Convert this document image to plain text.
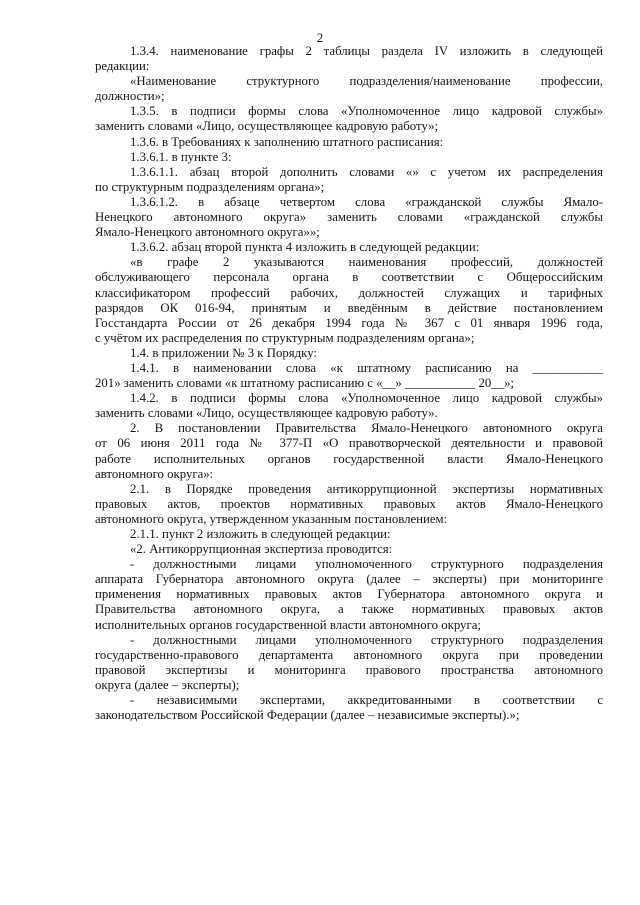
2
1.3.4. наименование графы 2 таблицы раздела IV изложить в следующей
редакции:
«Наименование структурного подразделения/наименование профессии,
должности»;
1.3.5. в подписи формы слова «Уполномоченное лицо кадровой службы»
заменить словами «Лицо, осуществляющее кадровую работу»;
1.3.6. в Требованиях к заполнению штатного расписания:
1.3.6.1. в пункте 3:
1.3.6.1.1. абзац второй дополнить словами «» с учетом их распределения
по структурным подразделениям органа»;
1.3.6.1.2. в абзаце четвертом слова «гражданской службы Ямало-
Ненецкого автономного округа» заменить словами «гражданской службы
Ямало-Ненецкого автономного округа»»;
1.3.6.2. абзац второй пункта 4 изложить в следующей редакции:
«в графе 2 указываются наименования профессий, должностей
обслуживающего персонала органа в соответствии с Общероссийским
классификатором профессий рабочих, должностей служащих и тарифных
разрядов ОК 016-94, принятым и введённым в действие постановлением
Госстандарта России от 26 декабря 1994 года № 367 с 01 января 1996 года,
с учётом их распределения по структурным подразделениям органа»;
1.4. в приложении № 3 к Порядку:
1.4.1. в наименовании слова «к штатному расписанию на ___________
201» заменить словами «к штатному расписанию с «__» ___________ 20__»;
1.4.2. в подписи формы слова «Уполномоченное лицо кадровой службы»
заменить словами «Лицо, осуществляющее кадровую работу».
2. В постановлении Правительства Ямало-Ненецкого автономного округа
от 06 июня 2011 года № 377-П «О правотворческой деятельности и правовой
работе исполнительных органов государственной власти Ямало-Ненецкого
автономного округа»:
2.1. в Порядке проведения антикоррупционной экспертизы нормативных
правовых актов, проектов нормативных правовых актов Ямало-Ненецкого
автономного округа, утвержденном указанным постановлением:
2.1.1. пункт 2 изложить в следующей редакции:
«2. Антикоррупционная экспертиза проводится:
- должностными лицами уполномоченного структурного подразделения
аппарата Губернатора автономного округа (далее – эксперты) при мониторинге
применения нормативных правовых актов Губернатора автономного округа и
Правительства автономного округа, а также нормативных правовых актов
исполнительных органов государственной власти автономного округа;
- должностными лицами уполномоченного структурного подразделения
государственно-правового департамента автономного округа при проведении
правовой экспертизы и мониторинга правового пространства автономного
округа (далее – эксперты);
- независимыми экспертами, аккредитованными в соответствии с
законодательством Российской Федерации (далее – независимые эксперты).»;
